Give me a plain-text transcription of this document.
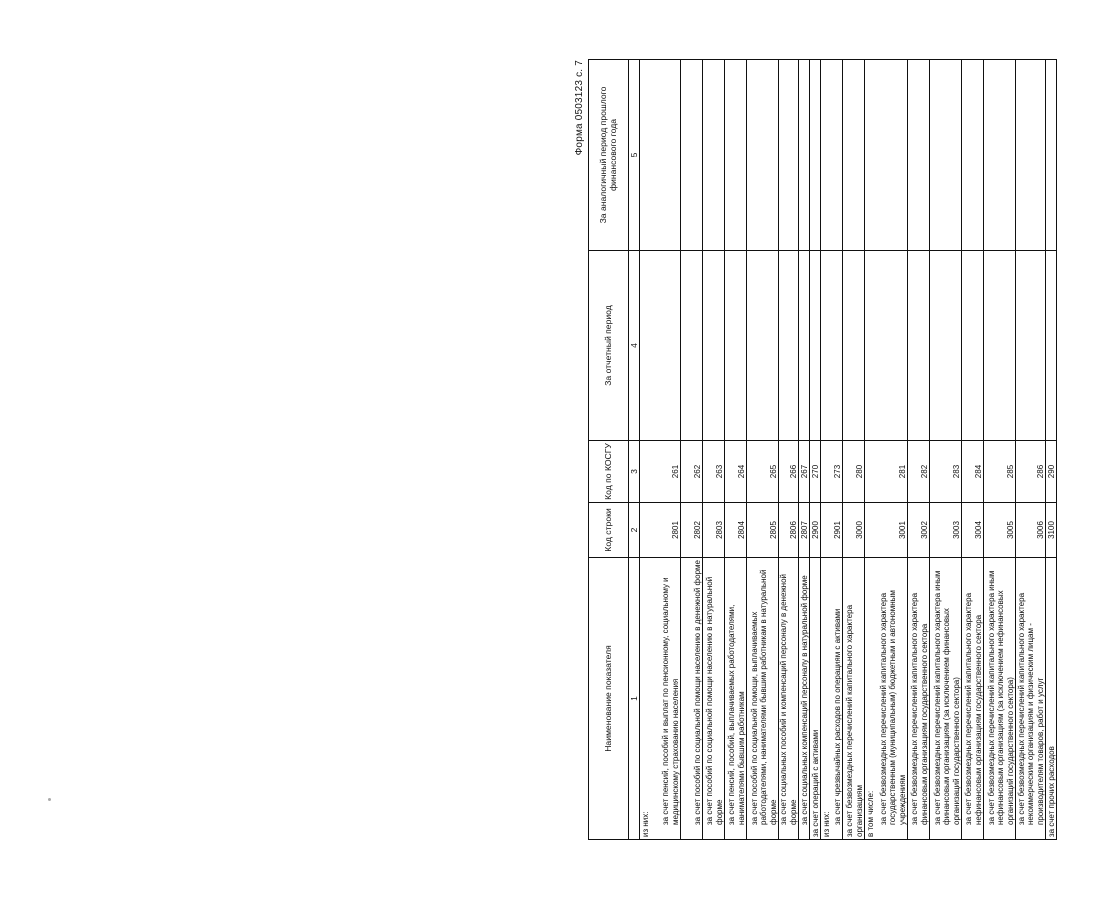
Форма 0503123 с. 7
Наименование показателя	Код строки	Код по КОСГУ	За отчетный период	За аналогичный период прошлого финансового года
1	2	3	4	5
из них:				
за счет пенсий, пособий и выплат по пенсионному, социальному и медицинскому страхованию населения	2801	261		
за счет пособий по социальной помощи населению в денежной форме	2802	262		
за счет пособий по социальной помощи населению в натуральной форме	2803	263		
за счет пенсий, пособий, выплачиваемых работодателями, нанимателями бывшим работникам	2804	264		
за счет пособий по социальной помощи, выплачиваемых работодателями, нанимателями бывшим работникам в натуральной форме	2805	265		
за счет социальных пособий и компенсаций персоналу в денежной форме	2806	266		
за счет социальных компенсаций персоналу в натуральной форме	2807	267		
за счет операций с активами	2900	270		
из них:				
за счет чрезвычайных расходов по операциям с активами	2901	273		
за счет безвозмездных перечислений капитального характера организациям	3000	280		
в том числе:				
за счет безвозмездных перечислений капитального характера государственным (муниципальным) бюджетным и автономным учреждениям	3001	281		
за счет безвозмездных перечислений капитального характера финансовым организациям государственного сектора	3002	282		
за счет безвозмездных перечислений капитального характера иным финансовым организациям (за исключением финансовых организаций государственного сектора)	3003	283		
за счет безвозмездных перечислений капитального характера нефинансовым организациям государственного сектора	3004	284		
за счет безвозмездных перечислений капитального характера иным нефинансовым организациям (за исключением нефинансовых организаций государственного сектора)	3005	285		
за счет безвозмездных перечислений капитального характера некоммерческим организациям и физическим лицам - производителям товаров, работ и услуг	3006	286		
за счет прочих расходов	3100	290		
